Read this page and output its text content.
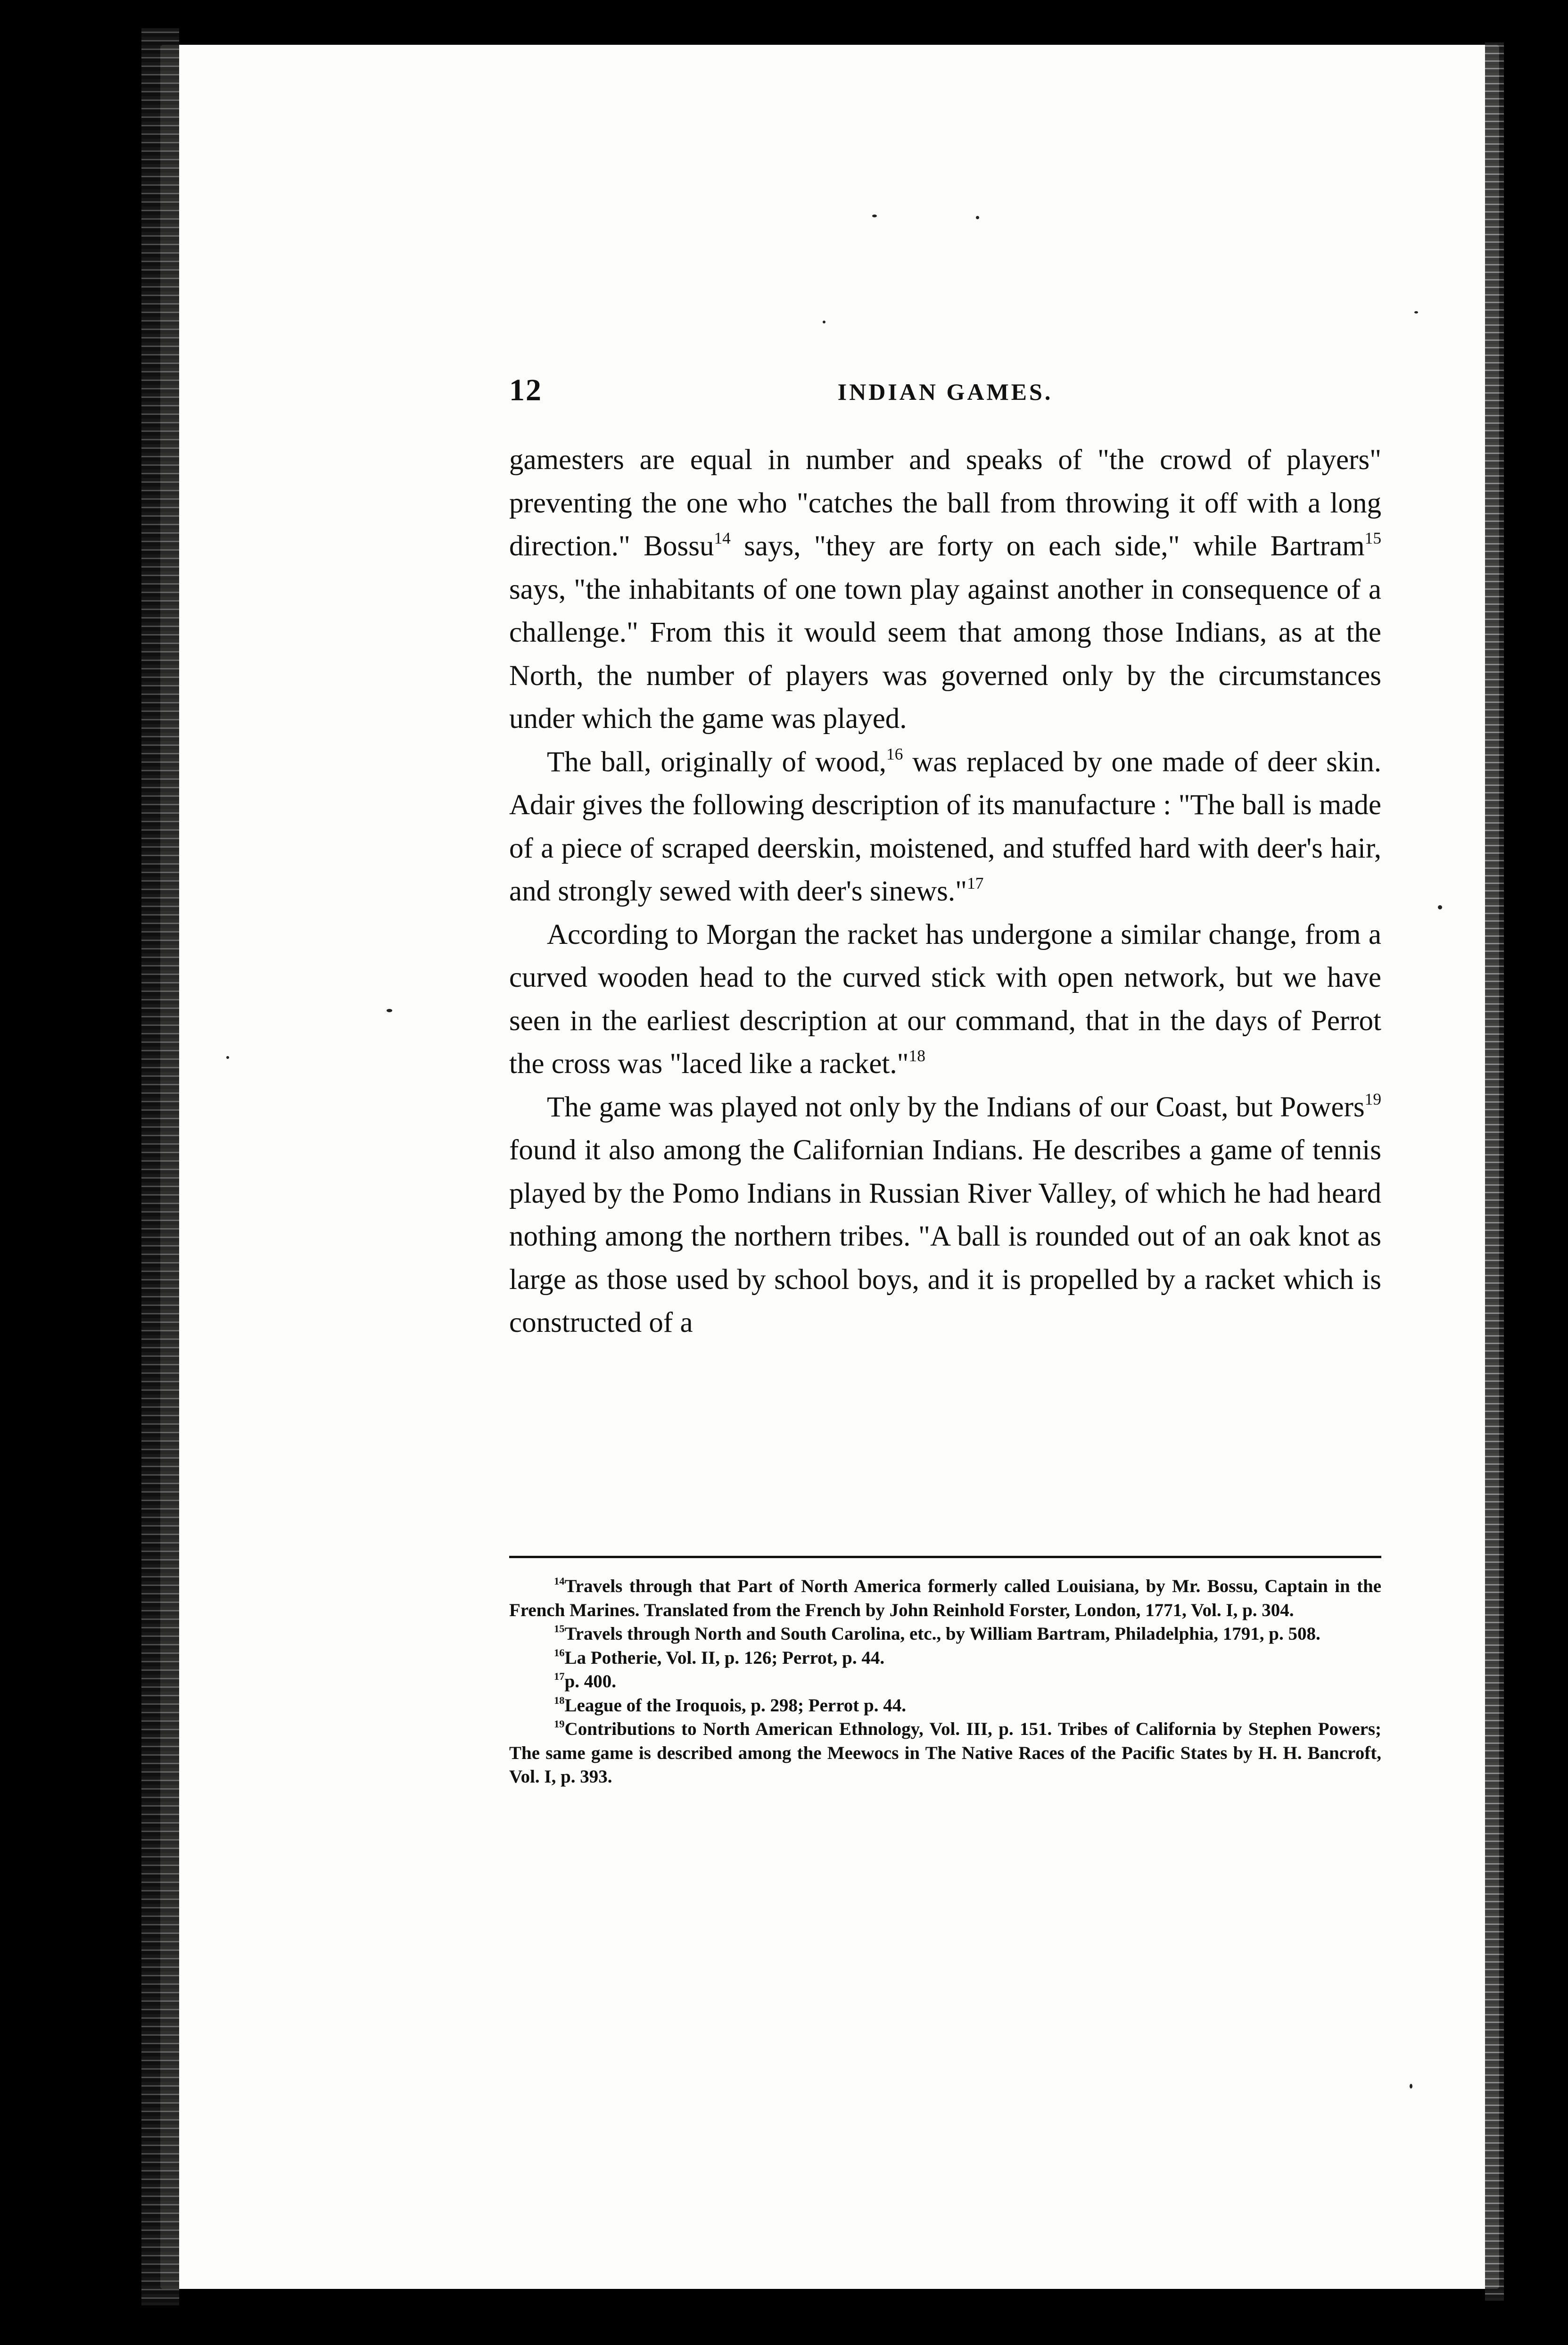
12	INDIAN GAMES.

gamesters are equal in number and speaks of "the crowd of players" preventing the one who "catches the ball from throwing it off with a long direction." Bossu$^{14}$ says, "they are forty on each side," while Bartram$^{15}$ says, "the inhabitants of one town play against another in consequence of a challenge." From this it would seem that among those Indians, as at the North, the number of players was governed only by the circumstances under which the game was played.

The ball, originally of wood,$^{16}$ was replaced by one made of deer skin. Adair gives the following description of its manufacture : "The ball is made of a piece of scraped deerskin, moistened, and stuffed hard with deer's hair, and strongly sewed with deer's sinews."$^{17}$

According to Morgan the racket has undergone a similar change, from a curved wooden head to the curved stick with open network, but we have seen in the earliest description at our command, that in the days of Perrot the cross was "laced like a racket."$^{18}$

The game was played not only by the Indians of our Coast, but Powers$^{19}$ found it also among the Californian Indians. He describes a game of tennis played by the Pomo Indians in Russian River Valley, of which he had heard nothing among the northern tribes. "A ball is rounded out of an oak knot as large as those used by school boys, and it is propelled by a racket which is constructed of a

$^{14}$Travels through that Part of North America formerly called Louisiana, by Mr. Bossu, Captain in the French Marines. Translated from the French by John Reinhold Forster, London, 1771, Vol. I, p. 304.

$^{15}$Travels through North and South Carolina, etc., by William Bartram, Philadelphia, 1791, p. 508.

$^{16}$La Potherie, Vol. II, p. 126; Perrot, p. 44.

$^{17}$p. 400.

$^{18}$League of the Iroquois, p. 298; Perrot p. 44.

$^{19}$Contributions to North American Ethnology, Vol. III, p. 151. Tribes of California by Stephen Powers; The same game is described among the Meewocs in The Native Races of the Pacific States by H. H. Bancroft, Vol. I, p. 393.
